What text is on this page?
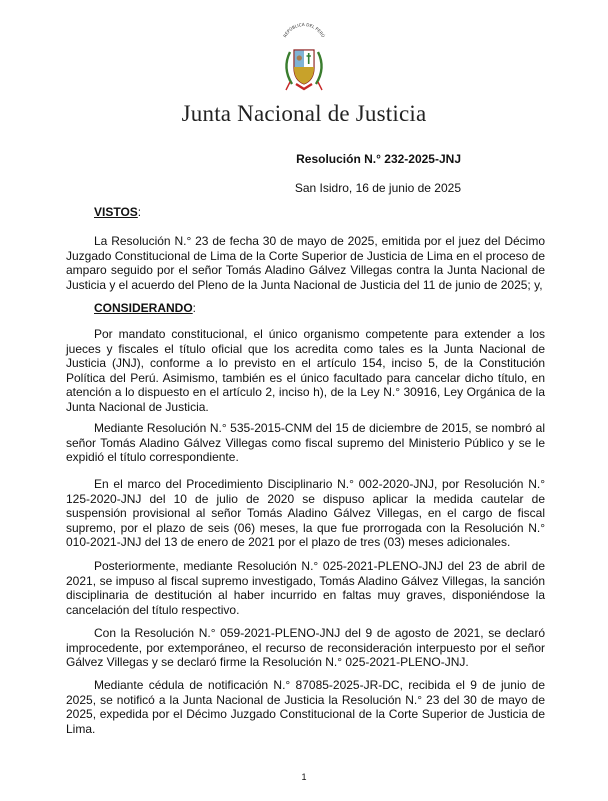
REPÚBLICA DEL PERÚ
Junta Nacional de Justicia
Resolución N.° 232-2025-JNJ
San Isidro, 16 de junio de 2025
VISTOS:

La Resolución N.° 23 de fecha 30 de mayo de 2025, emitida por el juez del Décimo Juzgado Constitucional de Lima de la Corte Superior de Justicia de Lima en el proceso de amparo seguido por el señor Tomás Aladino Gálvez Villegas contra la Junta Nacional de Justicia y el acuerdo del Pleno de la Junta Nacional de Justicia del 11 de junio de 2025; y,

CONSIDERANDO:

Por mandato constitucional, el único organismo competente para extender a los jueces y fiscales el título oficial que los acredita como tales es la Junta Nacional de Justicia (JNJ), conforme a lo previsto en el artículo 154, inciso 5, de la Constitución Política del Perú. Asimismo, también es el único facultado para cancelar dicho título, en atención a lo dispuesto en el artículo 2, inciso h), de la Ley N.° 30916, Ley Orgánica de la Junta Nacional de Justicia.

Mediante Resolución N.° 535-2015-CNM del 15 de diciembre de 2015, se nombró al señor Tomás Aladino Gálvez Villegas como fiscal supremo del Ministerio Público y se le expidió el título correspondiente.

En el marco del Procedimiento Disciplinario N.° 002-2020-JNJ, por Resolución N.° 125-2020-JNJ del 10 de julio de 2020 se dispuso aplicar la medida cautelar de suspensión provisional al señor Tomás Aladino Gálvez Villegas, en el cargo de fiscal supremo, por el plazo de seis (06) meses, la que fue prorrogada con la Resolución N.° 010-2021-JNJ del 13 de enero de 2021 por el plazo de tres (03) meses adicionales.

Posteriormente, mediante Resolución N.° 025-2021-PLENO-JNJ del 23 de abril de 2021, se impuso al fiscal supremo investigado, Tomás Aladino Gálvez Villegas, la sanción disciplinaria de destitución al haber incurrido en faltas muy graves, disponiéndose la cancelación del título respectivo.

Con la Resolución N.° 059-2021-PLENO-JNJ del 9 de agosto de 2021, se declaró improcedente, por extemporáneo, el recurso de reconsideración interpuesto por el señor Gálvez Villegas y se declaró firme la Resolución N.° 025-2021-PLENO-JNJ.

Mediante cédula de notificación N.° 87085-2025-JR-DC, recibida el 9 de junio de 2025, se notificó a la Junta Nacional de Justicia la Resolución N.° 23 del 30 de mayo de 2025, expedida por el Décimo Juzgado Constitucional de la Corte Superior de Justicia de Lima.

1
